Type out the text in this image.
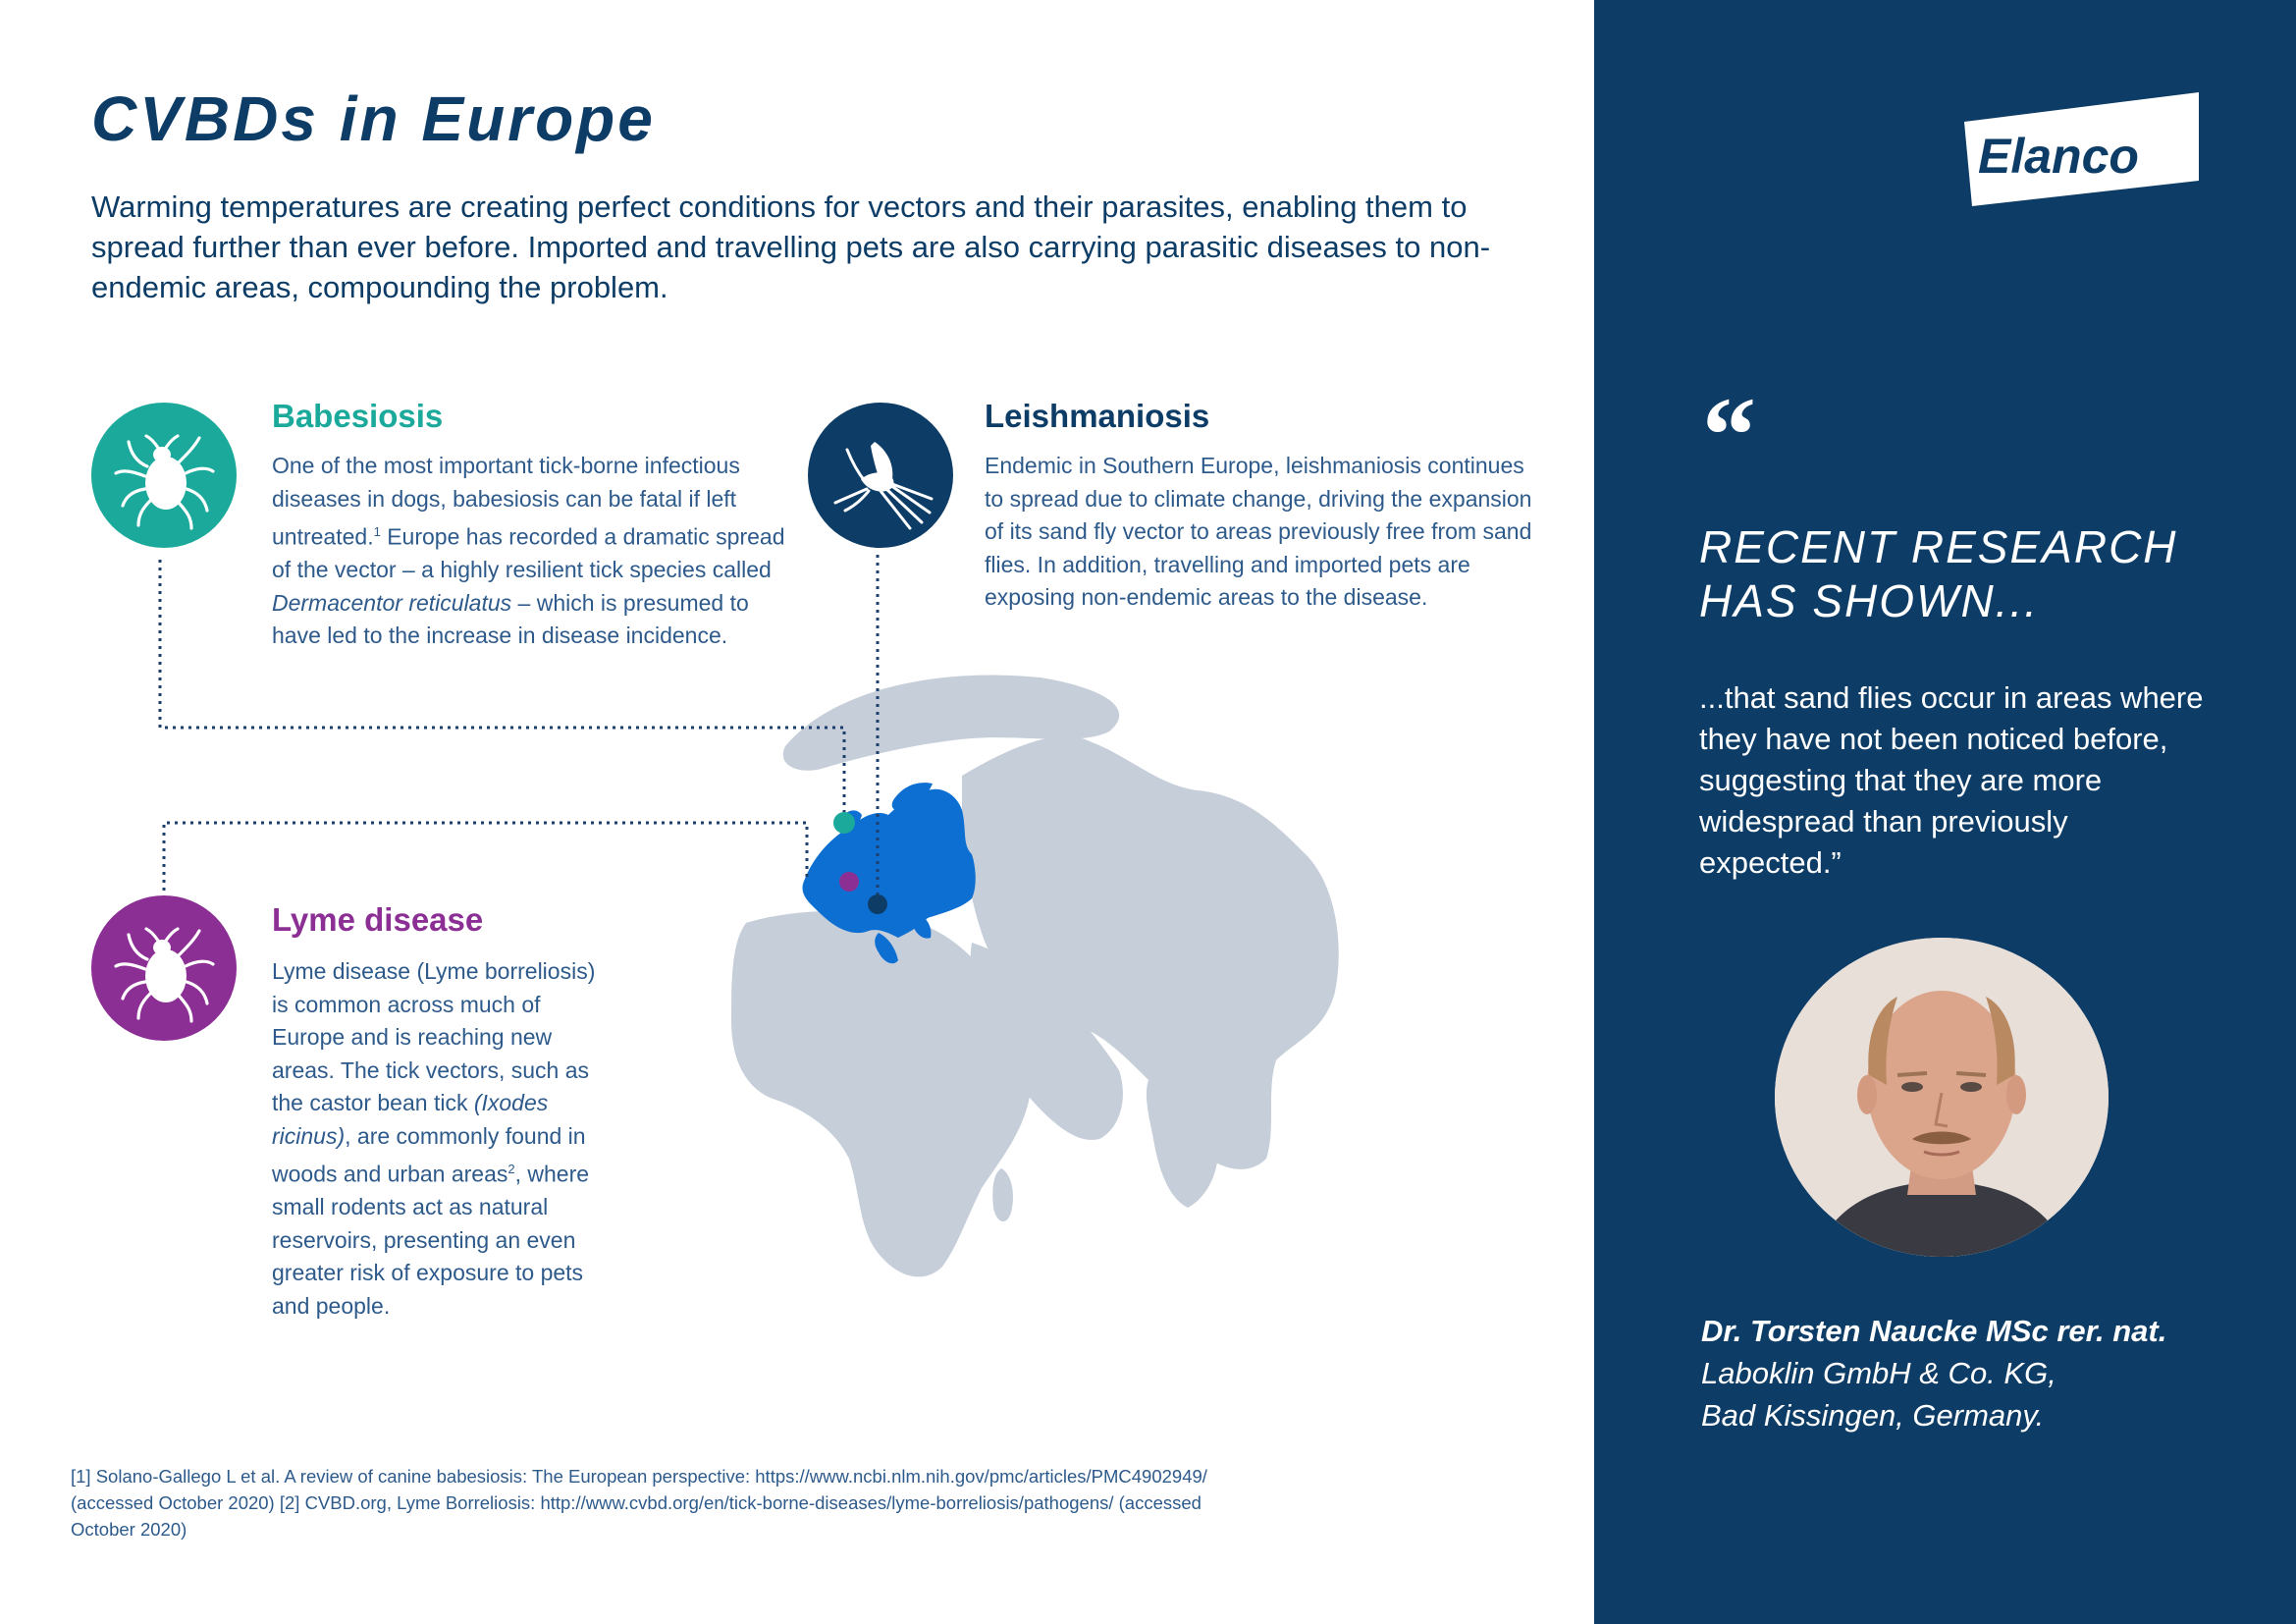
CVBDs in Europe

Warming temperatures are creating perfect conditions for vectors and their parasites, enabling them to spread further than ever before. Imported and travelling pets are also carrying parasitic diseases to non-endemic areas, compounding the problem.

Babesiosis

One of the most important tick-borne infectious diseases in dogs, babesiosis can be fatal if left untreated.$^1$ Europe has recorded a dramatic spread of the vector – a highly resilient tick species called Dermacentor reticulatus – which is presumed to have led to the increase in disease incidence.

Leishmaniosis

Endemic in Southern Europe, leishmaniosis continues to spread due to climate change, driving the expansion of its sand fly vector to areas previously free from sand flies. In addition, travelling and imported pets are exposing non-endemic areas to the disease.

Lyme disease

Lyme disease (Lyme borreliosis) is common across much of Europe and is reaching new areas. The tick vectors, such as the castor bean tick (Ixodes ricinus), are commonly found in woods and urban areas$^2$, where small rodents act as natural reservoirs, presenting an even greater risk of exposure to pets and people.

[1] Solano-Gallego L et al. A review of canine babesiosis: The European perspective: https://www.ncbi.nlm.nih.gov/pmc/articles/PMC4902949/ (accessed October 2020) [2] CVBD.org, Lyme Borreliosis: http://www.cvbd.org/en/tick-borne-diseases/lyme-borreliosis/pathogens/ (accessed October 2020)

Elanco	TM
“

RECENT RESEARCH HAS SHOWN...

...that sand flies occur in areas where they have not been noticed before, suggesting that they are more widespread than previously expected.”

Dr. Torsten Naucke MSc rer. nat.

Laboklin GmbH & Co. KG,

Bad Kissingen, Germany.
